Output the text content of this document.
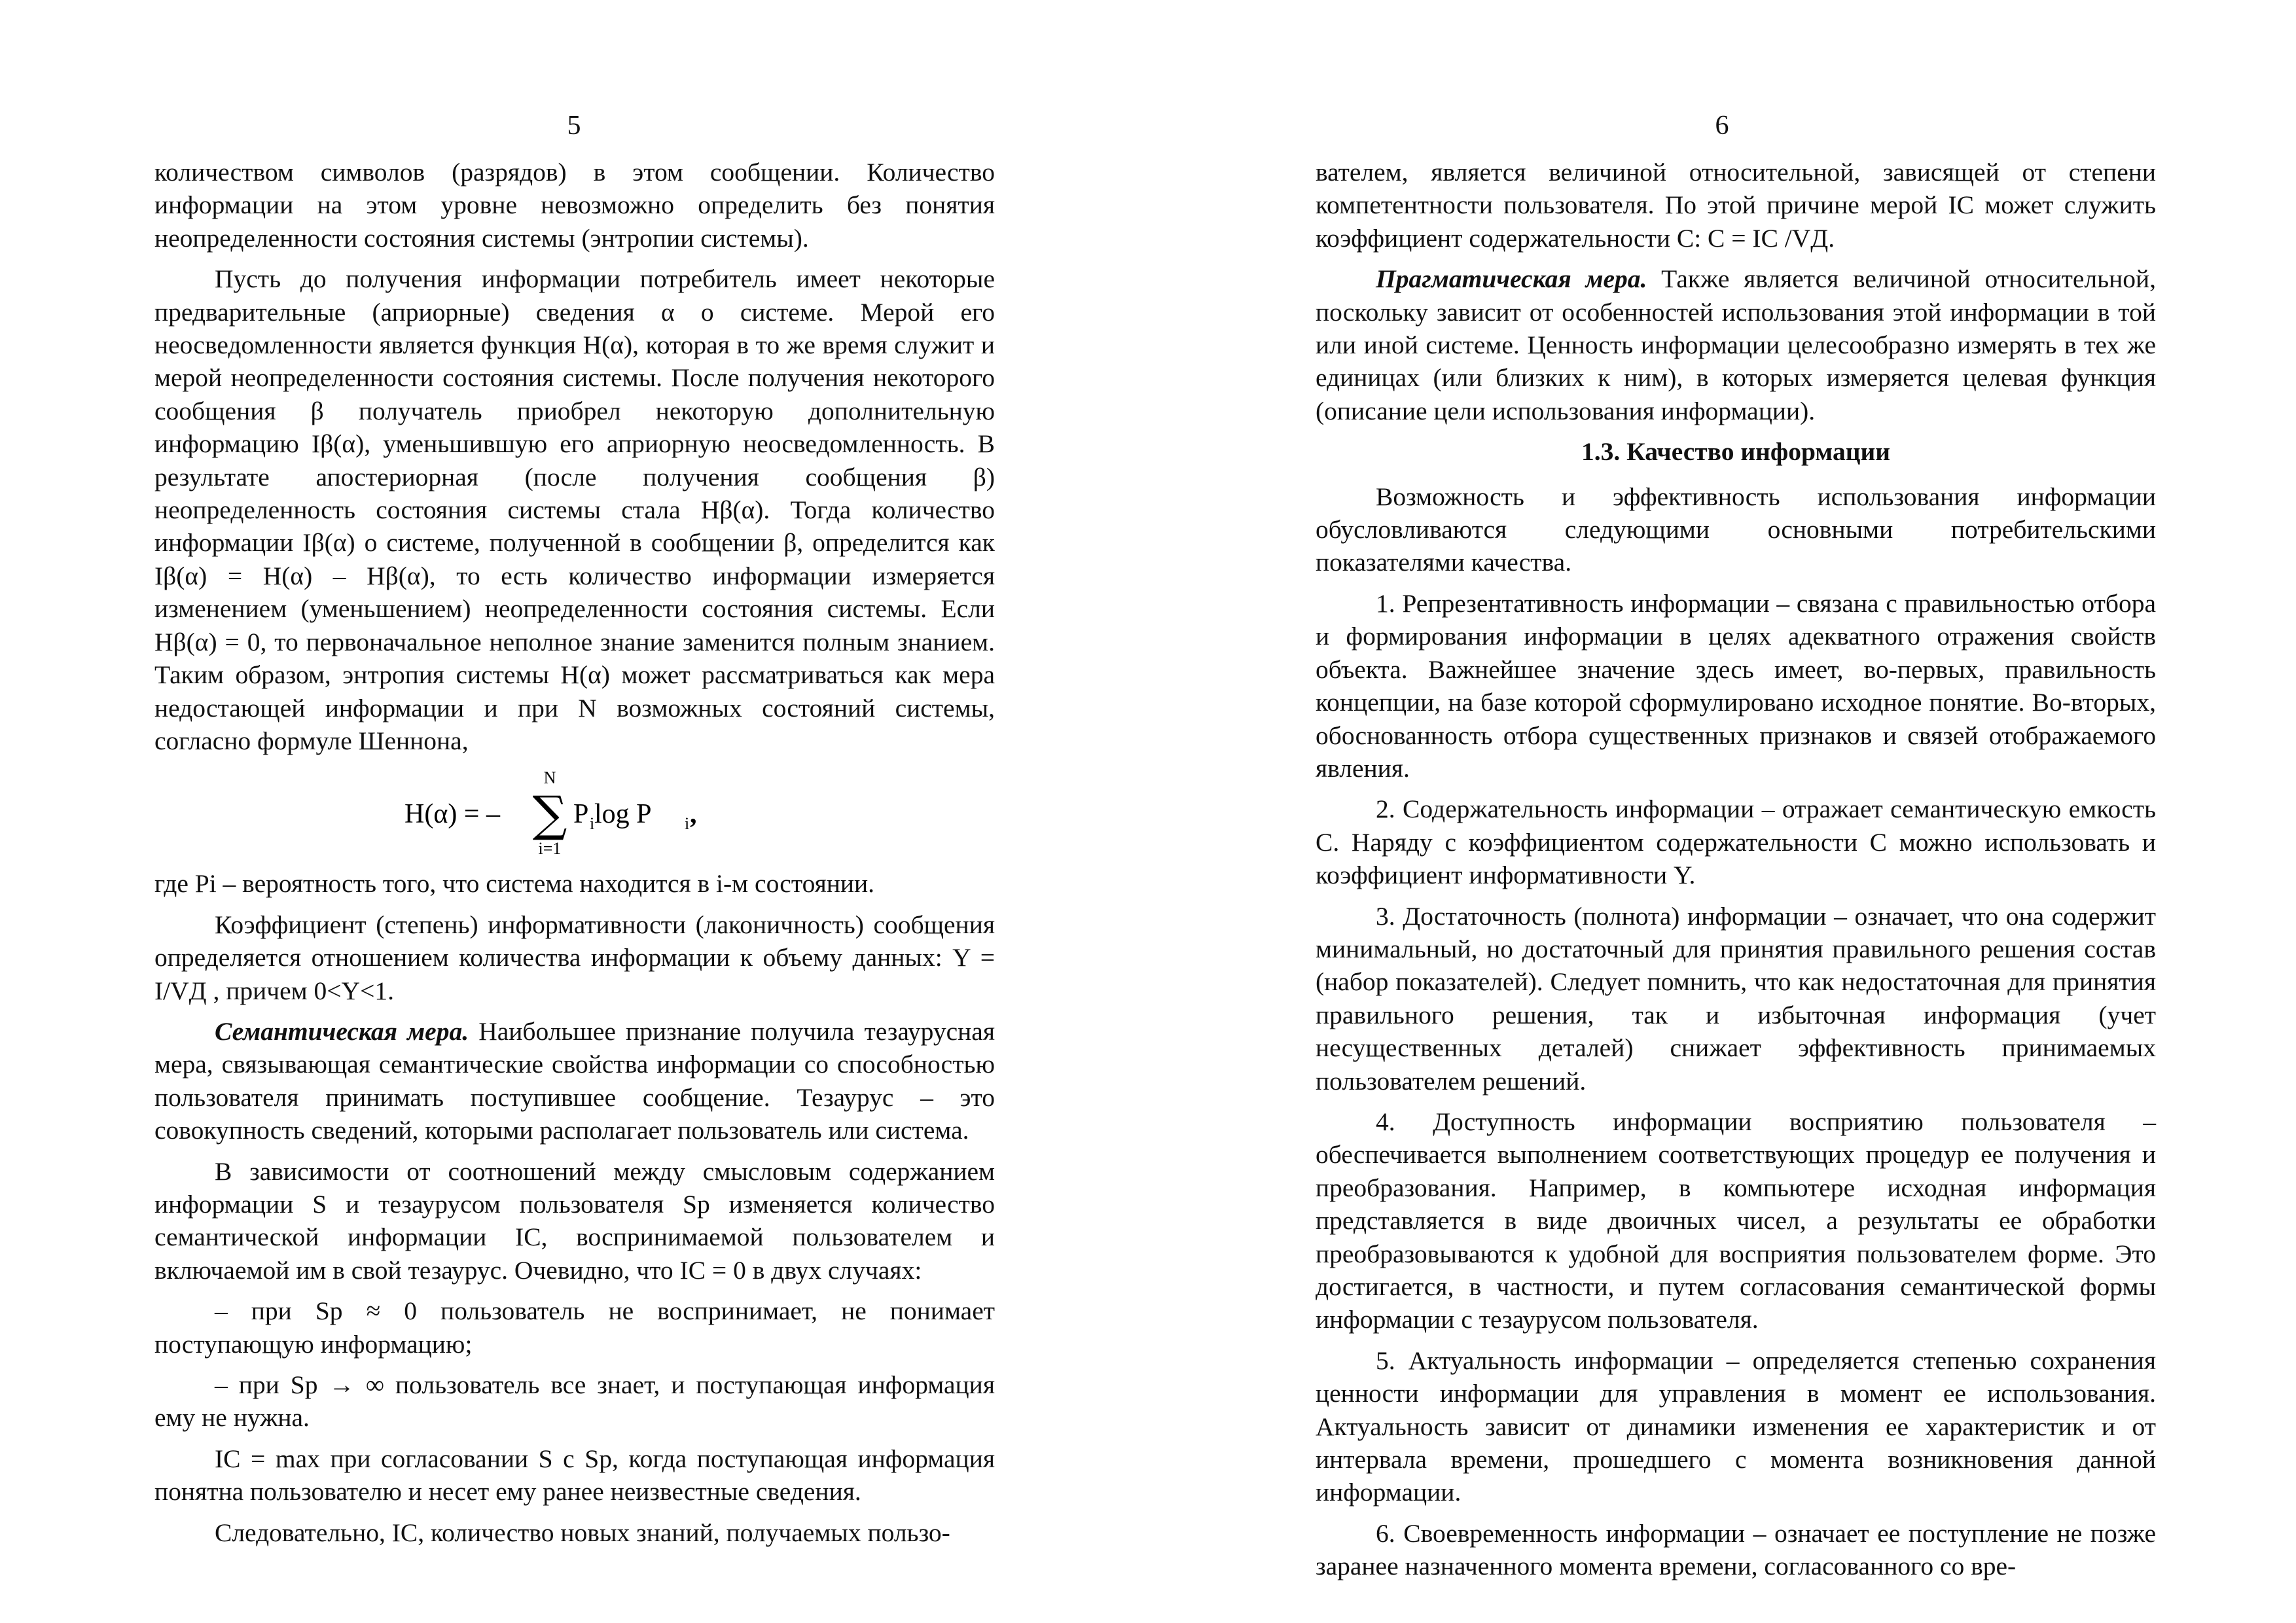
5

количеством символов (разрядов) в этом сообщении. Количество информации на этом уровне невозможно определить без понятия неопределенности состояния системы (энтропии системы).

Пусть до получения информации потребитель имеет некоторые предварительные (априорные) сведения α о системе. Мерой его неосведомленности является функция H(α), которая в то же время служит и мерой неопределенности состояния системы. После получения некоторого сообщения β получатель приобрел некоторую дополнительную информацию Iβ(α), уменьшившую его априорную неосведомленность. В результате апостериорная (после получения сообщения β) неопределенность состояния системы стала Hβ(α). Тогда количество информации Iβ(α) о системе, полученной в сообщении β, определится как Iβ(α) = H(α) – Hβ(α), то есть количество информации измеряется изменением (уменьшением) неопределенности состояния системы. Если Hβ(α) = 0, то первоначальное неполное знание заменится полным знанием. Таким образом, энтропия системы H(α) может рассматриваться как мера недостающей информации и при N возможных состояний системы, согласно формуле Шеннона,

H(α) = –
N
∑
i=1
P i log P i ,

где Pi – вероятность того, что система находится в i-м состоянии.

Коэффициент (степень) информативности (лаконичность) сообщения определяется отношением количества информации к объему данных: Y = I/VД , причем 0<Y<1.

Семантическая мера. Наибольшее признание получила тезаурусная мера, связывающая семантические свойства информации со способностью пользователя принимать поступившее сообщение. Тезаурус – это совокупность сведений, которыми располагает пользователь или система.

В зависимости от соотношений между смысловым содержанием информации S и тезаурусом пользователя Sp изменяется количество семантической информации IC, воспринимаемой пользователем и включаемой им в свой тезаурус. Очевидно, что IC = 0 в двух случаях:

– при Sp ≈ 0 пользователь не воспринимает, не понимает поступающую информацию;

– при Sp → ∞ пользователь все знает, и поступающая информация ему не нужна.

IC = max при согласовании S с Sp, когда поступающая информация понятна пользователю и несет ему ранее неизвестные сведения.

Следовательно, IC, количество новых знаний, получаемых пользо-

6

вателем, является величиной относительной, зависящей от степени компетентности пользователя. По этой причине мерой IC может служить коэффициент содержательности C: C = IC /VД.

Прагматическая мера. Также является величиной относительной, поскольку зависит от особенностей использования этой информации в той или иной системе. Ценность информации целесообразно измерять в тех же единицах (или близких к ним), в которых измеряется целевая функция (описание цели использования информации).

1.3. Качество информации

Возможность и эффективность использования информации обусловливаются следующими основными потребительскими показателями качества.

1. Репрезентативность информации – связана с правильностью отбора и формирования информации в целях адекватного отражения свойств объекта. Важнейшее значение здесь имеет, во-первых, правильность концепции, на базе которой сформулировано исходное понятие. Во-вторых, обоснованность отбора существенных признаков и связей отображаемого явления.

2. Содержательность информации – отражает семантическую емкость C. Наряду с коэффициентом содержательности C можно использовать и коэффициент информативности Y.

3. Достаточность (полнота) информации – означает, что она содержит минимальный, но достаточный для принятия правильного решения состав (набор показателей). Следует помнить, что как недостаточная для принятия правильного решения, так и избыточная информация (учет несущественных деталей) снижает эффективность принимаемых пользователем решений.

4. Доступность информации восприятию пользователя – обеспечивается выполнением соответствующих процедур ее получения и преобразования. Например, в компьютере исходная информация представляется в виде двоичных чисел, а результаты ее обработки преобразовываются к удобной для восприятия пользователем форме. Это достигается, в частности, и путем согласования семантической формы информации с тезаурусом пользователя.

5. Актуальность информации – определяется степенью сохранения ценности информации для управления в момент ее использования. Актуальность зависит от динамики изменения ее характеристик и от интервала времени, прошедшего с момента возникновения данной информации.

6. Своевременность информации – означает ее поступление не позже заранее назначенного момента времени, согласованного со вре-
